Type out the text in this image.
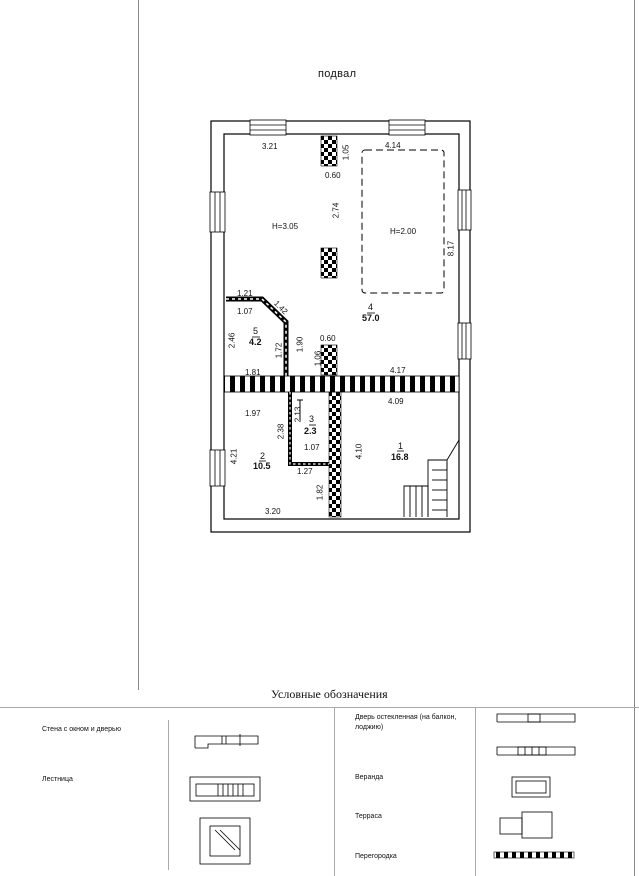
подвал
H=3.05
H=2.00
3.21	4.14
1.05
0.60
2.74
8.17
1.21
1.07 1.42
2.46
1.72 1.90
1.06
0.60
1.81	4.17
4.09
1.97	2.13
2.38
1.07	4.10
4.21
1.27
1.82
3.20
4
57.0
5
4.2
3
2.3
2
10.5
1
16.8
Условные обозначения
Стена с окном и дверью
Лестница
Дверь остекленная (на балкон, лоджию)
Веранда
Терраса
Перегородка
